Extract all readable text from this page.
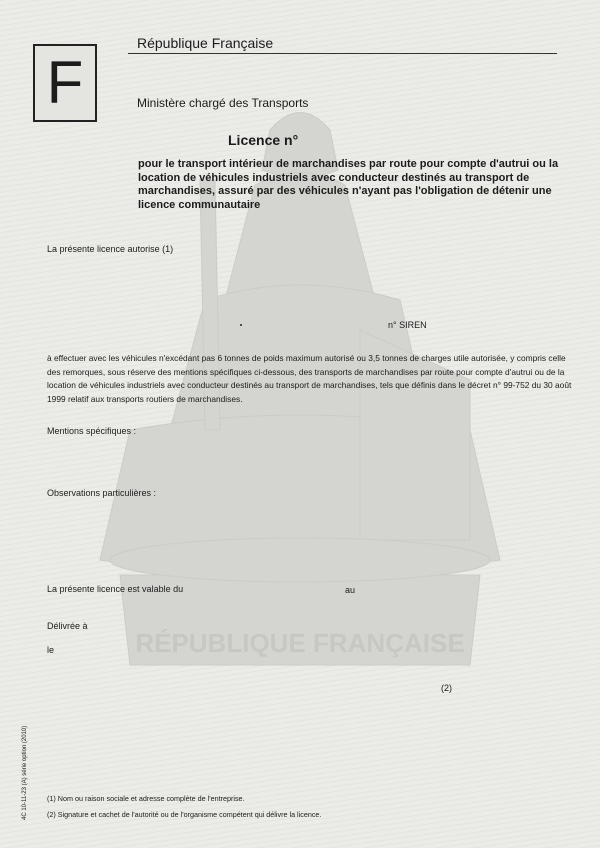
RÉPUBLIQUE FRANÇAISE
F
République Française
Ministère chargé des Transports
Licence n°
pour le transport intérieur de marchandises par route pour compte d'autrui ou la location de véhicules industriels avec conducteur destinés au transport de marchandises, assuré par des véhicules n'ayant pas l'obligation de détenir une licence communautaire
La présente licence autorise (1)
n° SIREN
à effectuer avec les véhicules n'excédant pas 6 tonnes de poids maximum autorisé ou 3,5 tonnes de charges utile autorisée, y compris celle des remorques, sous réserve des mentions spécifiques ci-dessous, des transports de marchandises par route pour compte d'autrui ou de la location de véhicules industriels avec conducteur destinés au transport de marchandises, tels que définis dans le décret n° 99-752 du 30 août 1999 relatif aux transports routiers de marchandises.
Mentions spécifiques :
Observations particulières :
La présente licence est valable du	au
Délivrée à
le
(2)
(1) Nom ou raison sociale et adresse complète de l'entreprise.
(2) Signature et cachet de l'autorité ou de l'organisme compétent qui délivre la licence.
4C 10-11-23 (A) série option (2010)
